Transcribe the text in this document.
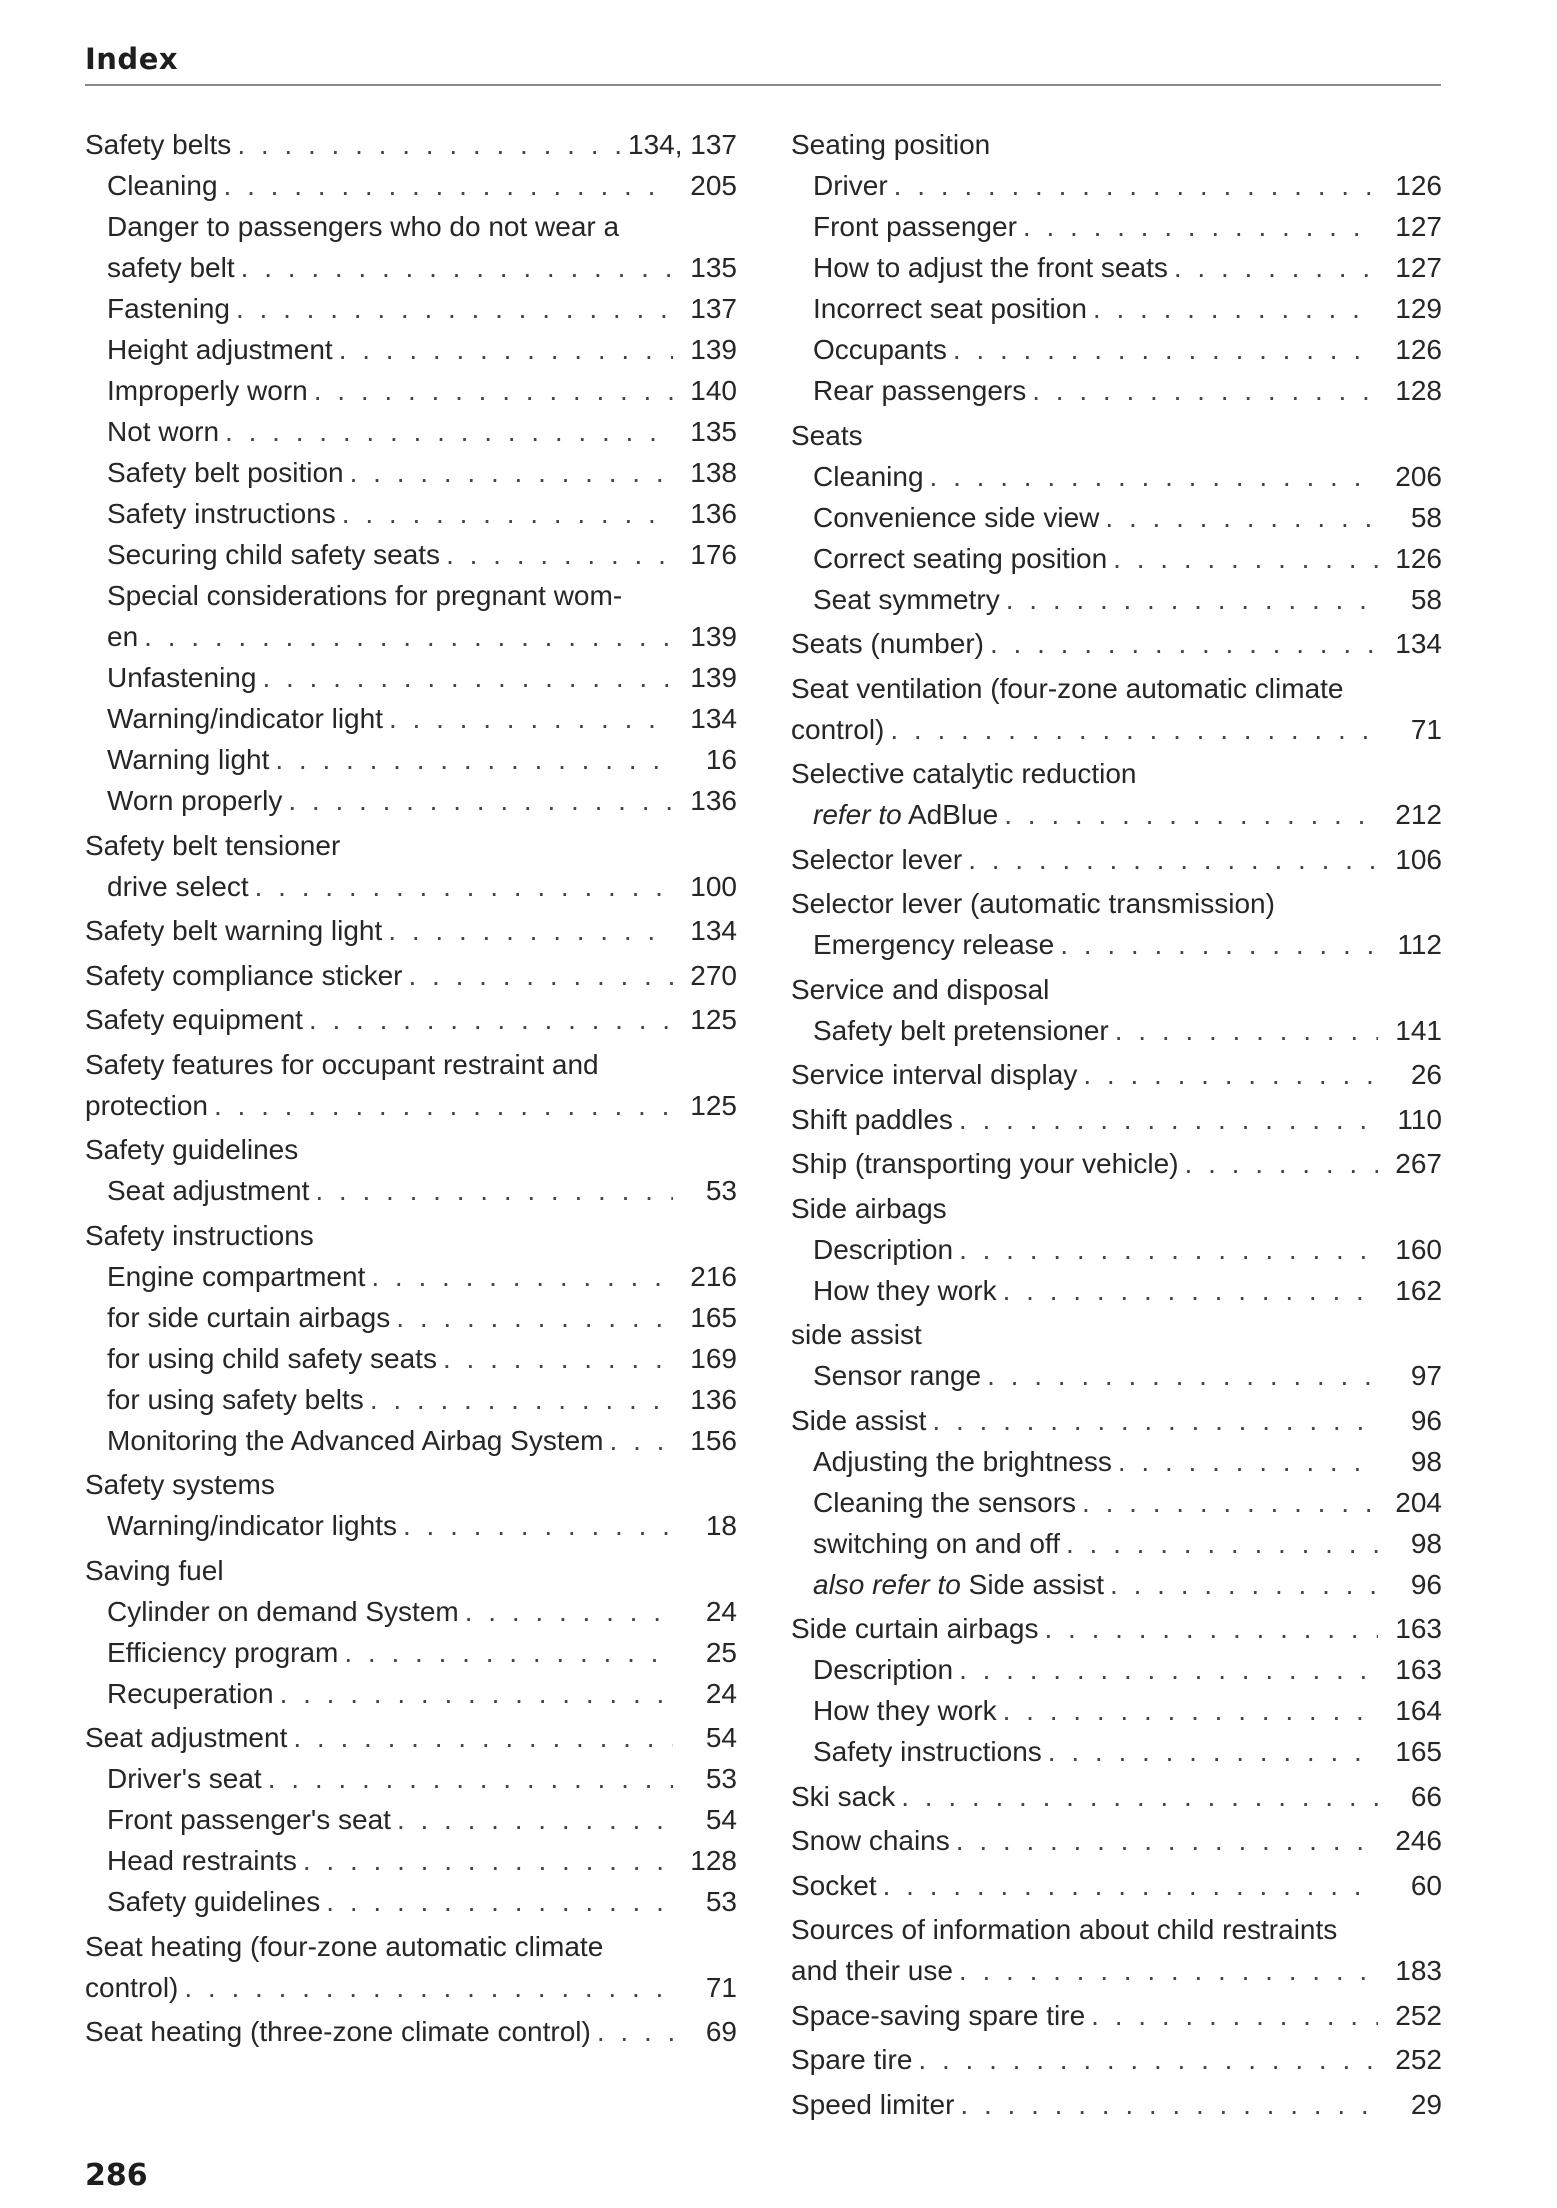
Index
Safety belts . . .	134, 137
Cleaning . . .	205
Danger to passengers who do not wear a
safety belt . . .	135
Fastening . . .	137
Height adjustment . . .	139
Improperly worn . . .	140
Not worn . . .	135
Safety belt position . . .	138
Safety instructions . . .	136
Securing child safety seats . . .	176
Special considerations for pregnant wom-
en . . .	139
Unfastening . . .	139
Warning/indicator light . . .	134
Warning light . . .	16
Worn properly . . .	136
Safety belt tensioner
drive select . . .	100
Safety belt warning light . . .	134
Safety compliance sticker . . .	270
Safety equipment . . .	125
Safety features for occupant restraint and
protection . . .	125
Safety guidelines
Seat adjustment . . .	53
Safety instructions
Engine compartment . . .	216
for side curtain airbags . . .	165
for using child safety seats . . .	169
for using safety belts . . .	136
Monitoring the Advanced Airbag System . . .	156
Safety systems
Warning/indicator lights . . .	18
Saving fuel
Cylinder on demand System . . .	24
Efficiency program . . .	25
Recuperation . . .	24
Seat adjustment . . .	54
Driver's seat . . .	53
Front passenger's seat . . .	54
Head restraints . . .	128
Safety guidelines . . .	53
Seat heating (four-zone automatic climate
control) . . .	71
Seat heating (three-zone climate control) . . .	69
Seating position
Driver . . .	126
Front passenger . . .	127
How to adjust the front seats . . .	127
Incorrect seat position . . .	129
Occupants . . .	126
Rear passengers . . .	128
Seats
Cleaning . . .	206
Convenience side view . . .	58
Correct seating position . . .	126
Seat symmetry . . .	58
Seats (number) . . .	134
Seat ventilation (four-zone automatic climate
control) . . .	71
Selective catalytic reduction
refer to AdBlue . . .	212
Selector lever . . .	106
Selector lever (automatic transmission)
Emergency release . . .	112
Service and disposal
Safety belt pretensioner . . .	141
Service interval display . . .	26
Shift paddles . . .	110
Ship (transporting your vehicle) . . .	267
Side airbags
Description . . .	160
How they work . . .	162
side assist
Sensor range . . .	97
Side assist . . .	96
Adjusting the brightness . . .	98
Cleaning the sensors . . .	204
switching on and off . . .	98
also refer to Side assist . . .	96
Side curtain airbags . . .	163
Description . . .	163
How they work . . .	164
Safety instructions . . .	165
Ski sack . . .	66
Snow chains . . .	246
Socket . . .	60
Sources of information about child restraints
and their use . . .	183
Space-saving spare tire . . .	252
Spare tire . . .	252
Speed limiter . . .	29
286
